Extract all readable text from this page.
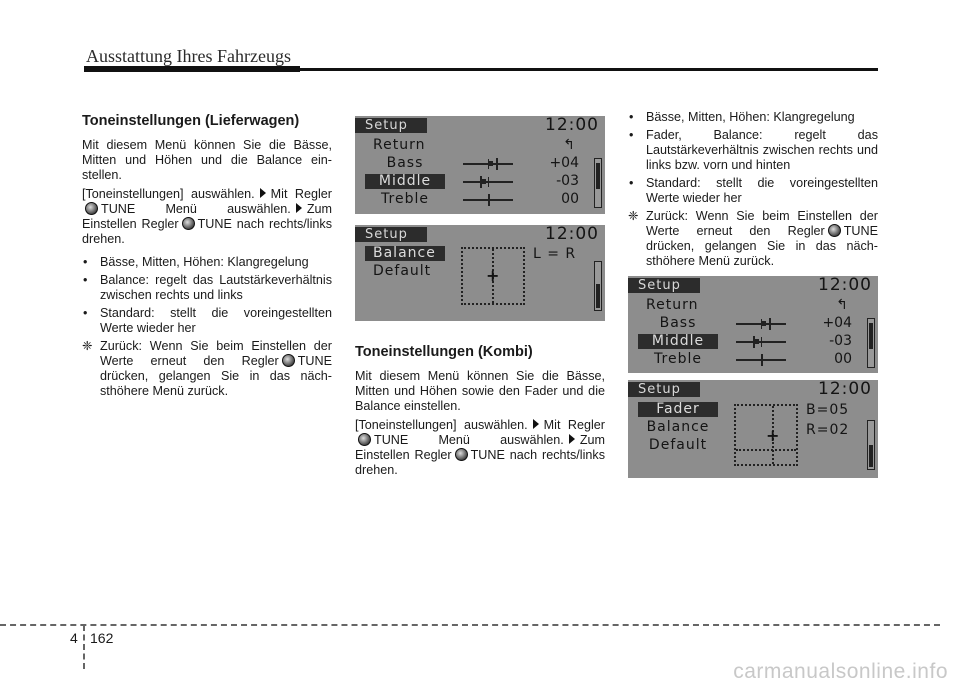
Ausstattung Ihres Fahrzeugs
Toneinstellungen (Lieferwagen)
Mit diesem Menü können Sie die Bässe, Mitten und Höhen und die Balance ein-stellen.
[Toneinstellungen] auswählen. Mit ReglerTUNE Menü auswählen. Zum Einstellen Regler TUNE nach rechts/links drehen.
• Bässe, Mitten, Höhen: Klangregelung
• Balance: regelt das Lautstärkeverhältnis zwischen rechts und links
• Standard: stellt die voreingestellten Werte wieder her
❈ Zurück: Wenn Sie beim Einstellen der Werte erneut den Regler TUNE drücken, gelangen Sie in das näch-sthöhere Menü zurück.
Toneinstellungen (Kombi)
Mit diesem Menü können Sie die Bässe, Mitten und Höhen sowie den Fader und die Balance einstellen.
[Toneinstellungen] auswählen. Mit ReglerTUNE Menü auswählen. Zum Einstellen Regler TUNE nach rechts/links drehen.
• Bässe, Mitten, Höhen: Klangregelung
• Fader, Balance: regelt das Lautstärkeverhältnis zwischen rechts und links bzw. vorn und hinten
• Standard: stellt die voreingestellten Werte wieder her
❈ Zurück: Wenn Sie beim Einstellen der Werte erneut den Regler TUNE drücken, gelangen Sie in das näch-sthöhere Menü zurück.
Setup	12:00
Return	↰
Bass	+04
Middle	-03
Treble	00
Setup	12:00
Balance
Default	+
L = R
Setup	12:00
Return	↰
Bass	+04
Middle	-03
Treble	00
Setup	12:00
Fader
Balance
Default	+
B=05
R=02
4 162
carmanualsonline.info
